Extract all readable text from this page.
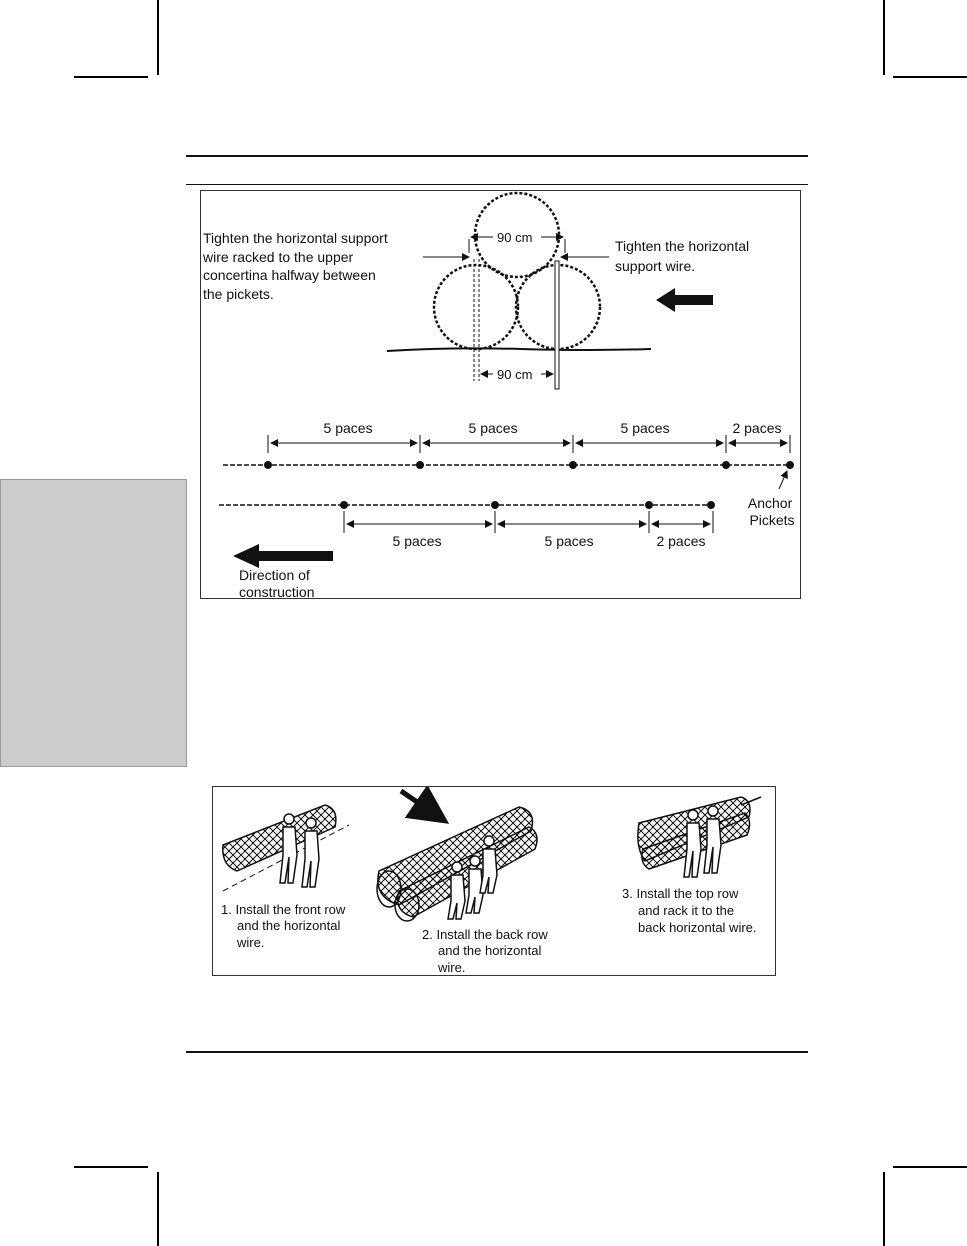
90 cm
90 cm
Tighten the horizontal support wire racked to the upper concertina halfway between the pickets.
Tighten the horizontal support wire.
5 paces	5 paces	5 paces	2 paces
5 paces	5 paces	2 paces
Anchor Pickets
Direction of construction
1. Install the front row and the horizontal wire.
2. Install the back row and the horizontal wire.
3. Install the top row and rack it to the back horizontal wire.
